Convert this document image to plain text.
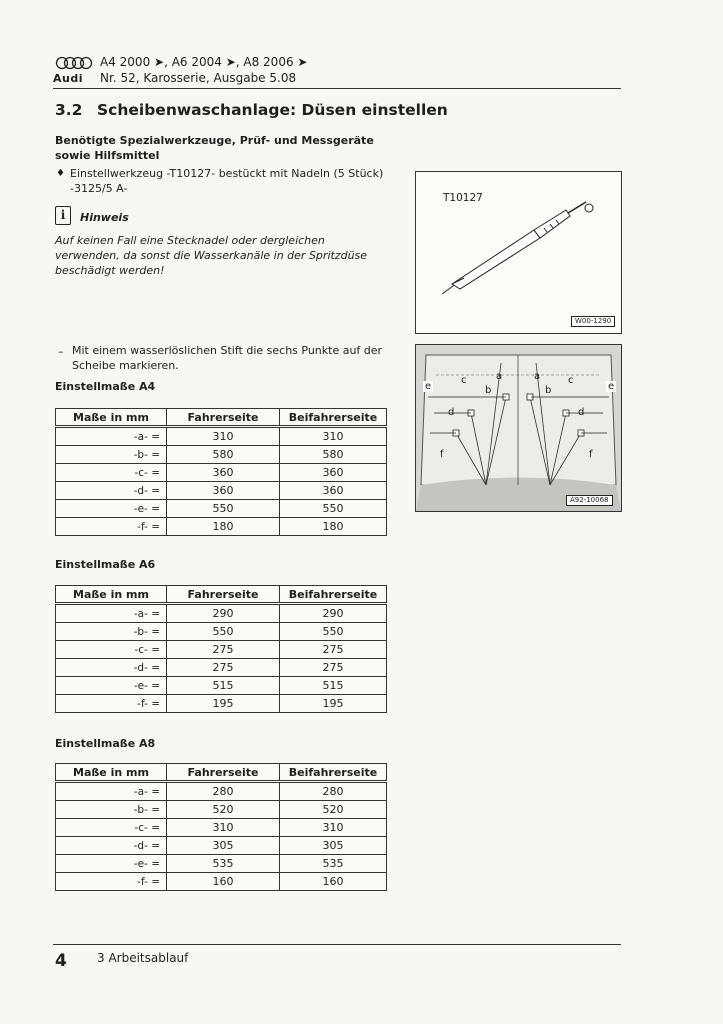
Audi
A4 2000 ➤, A6 2004 ➤, A8 2006 ➤
Nr. 52, Karosserie, Ausgabe 5.08
3.2 Scheibenwaschanlage: Düsen einstellen
Benötigte Spezialwerkzeuge, Prüf- und Messgeräte sowie Hilfsmittel
♦ Einstellwerkzeug -T10127- bestückt mit Nadeln (5 Stück) -3125/5 A-
i	Hinweis
Auf keinen Fall eine Stecknadel oder dergleichen verwenden, da sonst die Wasserkanäle in der Spritzdüse beschädigt werden!
– Mit einem wasserlöslichen Stift die sechs Punkte auf der Scheibe markieren.
Einstellmaße A4
Maße in mm	Fahrerseite	Beifahrerseite
-a- =	310	310
-b- =	580	580
-c- =	360	360
-d- =	360	360
-e- =	550	550
-f- =	180	180
Einstellmaße A6
Maße in mm	Fahrerseite	Beifahrerseite
-a- =	290	290
-b- =	550	550
-c- =	275	275
-d- =	275	275
-e- =	515	515
-f- =	195	195
Einstellmaße A8
Maße in mm	Fahrerseite	Beifahrerseite
-a- =	280	280
-b- =	520	520
-c- =	310	310
-d- =	305	305
-e- =	535	535
-f- =	160	160
T10127
W00-1290
e	e
c	c
a	a
b	b
d	d
f	f
A92-10068
4	3 Arbeitsablauf
